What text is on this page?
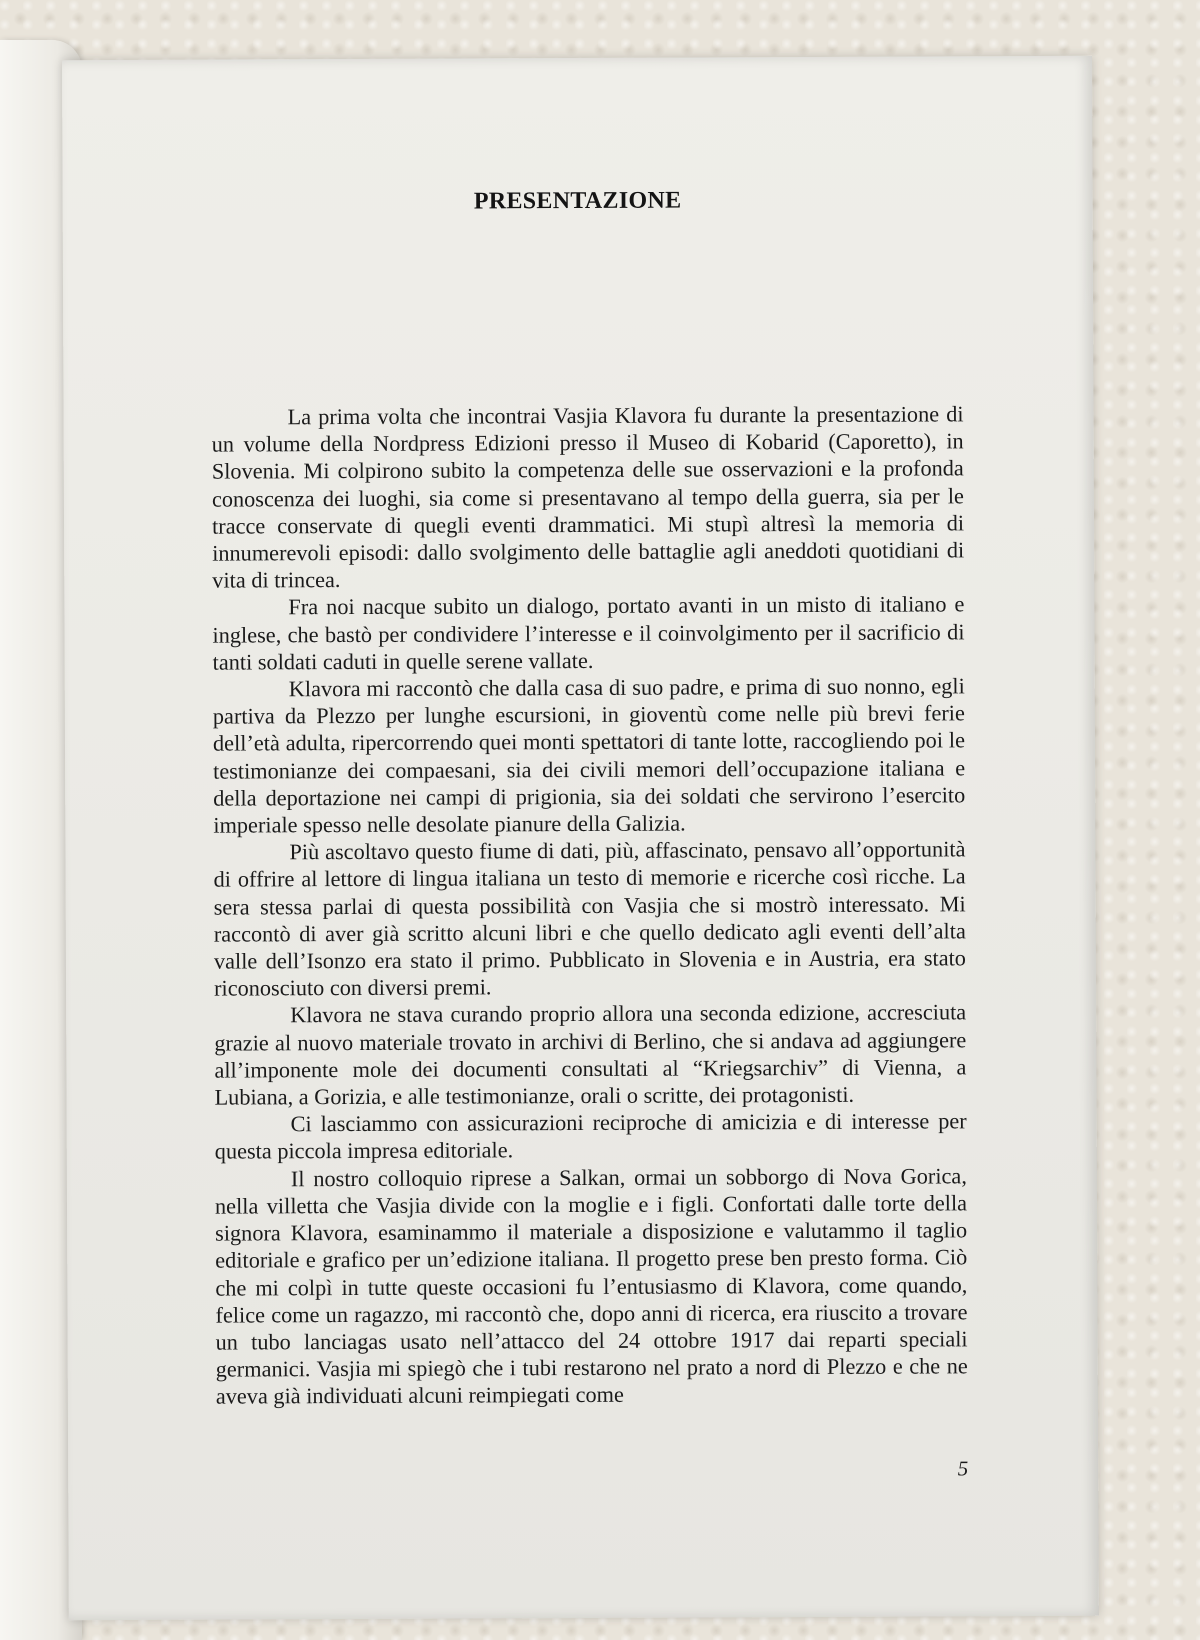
PRESENTAZIONE

La prima volta che incontrai Vasjia Klavora fu durante la presentazione di un volume della Nordpress Edizioni presso il Museo di Kobarid (Caporetto), in Slovenia. Mi colpirono subito la competenza delle sue osservazioni e la profonda conoscenza dei luoghi, sia come si presentavano al tempo della guerra, sia per le tracce conservate di quegli eventi drammatici. Mi stupì altresì la memoria di innumerevoli episodi: dallo svolgimento delle battaglie agli aneddoti quotidiani di vita di trincea.

Fra noi nacque subito un dialogo, portato avanti in un misto di italiano e inglese, che bastò per condividere l’interesse e il coinvolgimento per il sacrificio di tanti soldati caduti in quelle serene vallate.

Klavora mi raccontò che dalla casa di suo padre, e prima di suo nonno, egli partiva da Plezzo per lunghe escursioni, in gioventù come nelle più brevi ferie dell’età adulta, ripercorrendo quei monti spettatori di tante lotte, raccogliendo poi le testimonianze dei compaesani, sia dei civili memori dell’occupazione italiana e della deportazione nei campi di prigionia, sia dei soldati che servirono l’esercito imperiale spesso nelle desolate pianure della Galizia.

Più ascoltavo questo fiume di dati, più, affascinato, pensavo all’opportunità di offrire al lettore di lingua italiana un testo di memorie e ricerche così ricche. La sera stessa parlai di questa possibilità con Vasjia che si mostrò interessato. Mi raccontò di aver già scritto alcuni libri e che quello dedicato agli eventi dell’alta valle dell’Isonzo era stato il primo. Pubblicato in Slovenia e in Austria, era stato riconosciuto con diversi premi.

Klavora ne stava curando proprio allora una seconda edizione, accresciuta grazie al nuovo materiale trovato in archivi di Berlino, che si andava ad aggiungere all’imponente mole dei documenti consultati al “Kriegsarchiv” di Vienna, a Lubiana, a Gorizia, e alle testimonianze, orali o scritte, dei protagonisti.

Ci lasciammo con assicurazioni reciproche di amicizia e di interesse per questa piccola impresa editoriale.

Il nostro colloquio riprese a Salkan, ormai un sobborgo di Nova Gorica, nella villetta che Vasjia divide con la moglie e i figli. Confortati dalle torte della signora Klavora, esaminammo il materiale a disposizione e valutammo il taglio editoriale e grafico per un’edizione italiana. Il progetto prese ben presto forma. Ciò che mi colpì in tutte queste occasioni fu l’entusiasmo di Klavora, come quando, felice come un ragazzo, mi raccontò che, dopo anni di ricerca, era riuscito a trovare un tubo lanciagas usato nell’attacco del 24 ottobre 1917 dai reparti speciali germanici. Vasjia mi spiegò che i tubi restarono nel prato a nord di Plezzo e che ne aveva già individuati alcuni reimpiegati come

5
